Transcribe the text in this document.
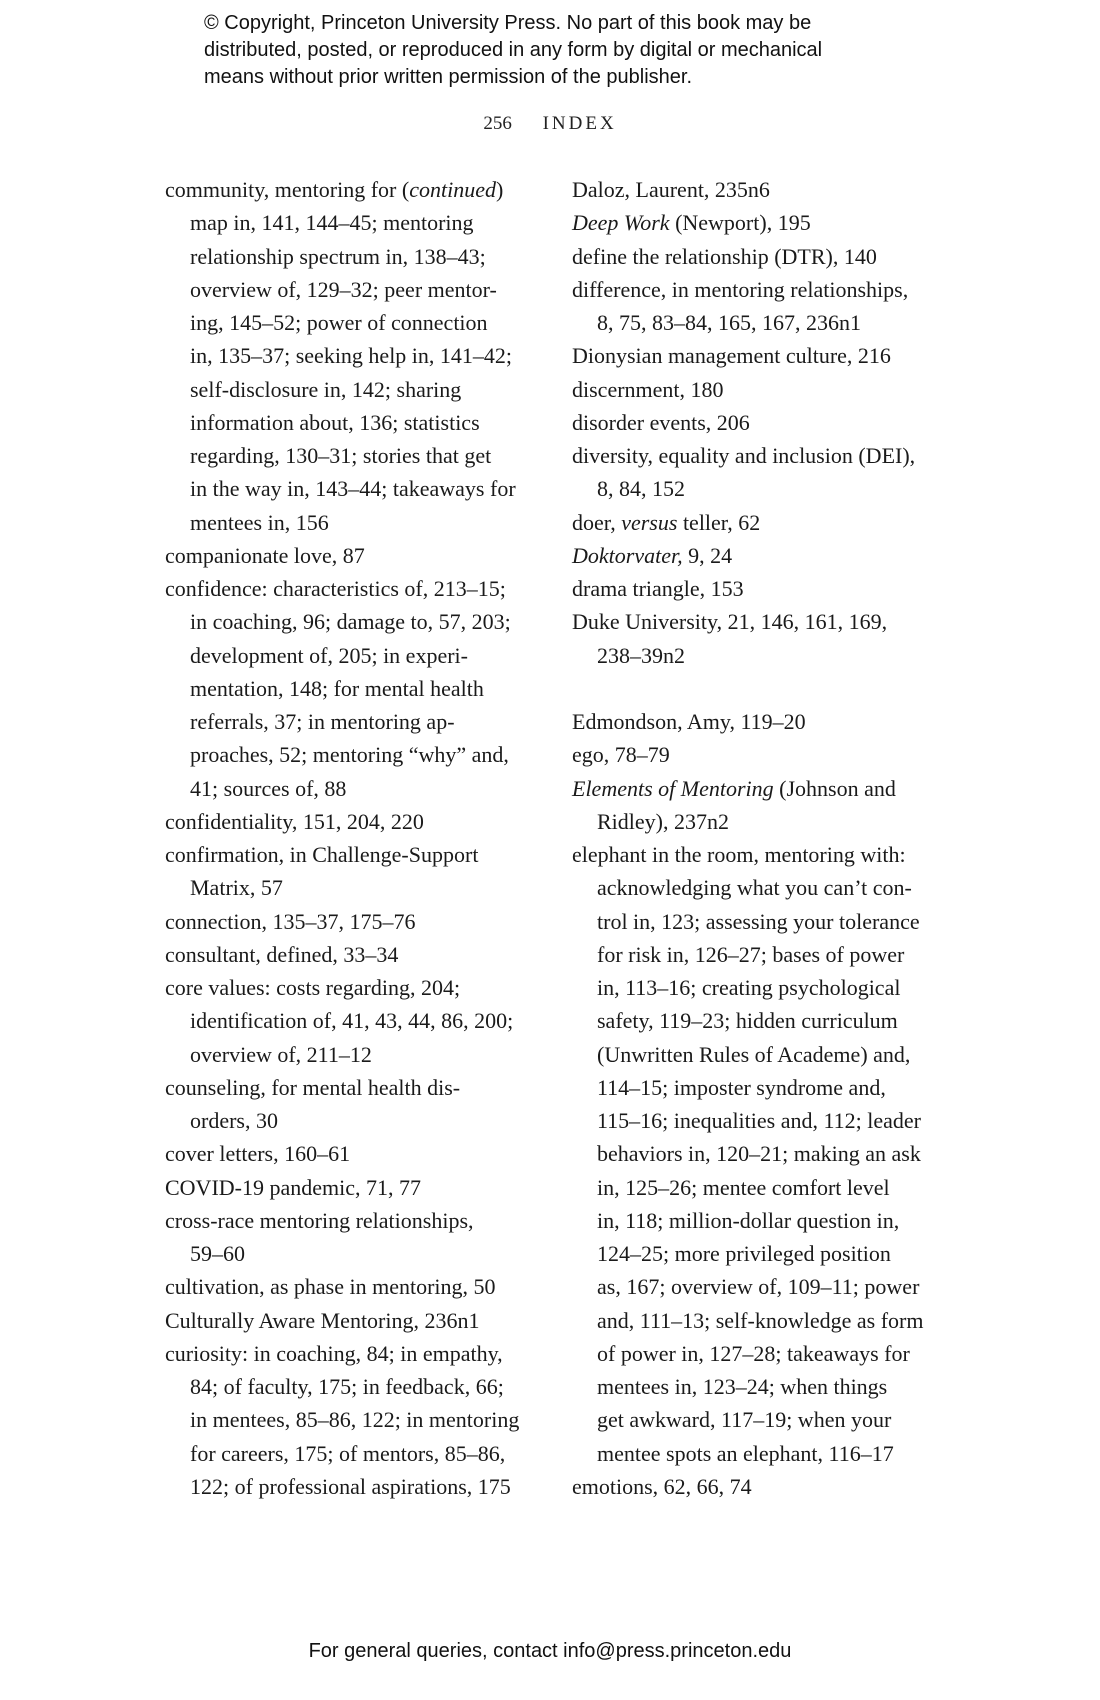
© Copyright, Princeton University Press. No part of this book may be
distributed, posted, or reproduced in any form by digital or mechanical
means without prior written permission of the publisher.
256 INDEX
community, mentoring for (continued)
map in, 141, 144–45; mentoring
relationship spectrum in, 138–43;
overview of, 129–32; peer mentor-
ing, 145–52; power of connection
in, 135–37; seeking help in, 141–42;
self-disclosure in, 142; sharing
information about, 136; statistics
regarding, 130–31; stories that get
in the way in, 143–44; takeaways for
mentees in, 156
companionate love, 87
confidence: characteristics of, 213–15;
in coaching, 96; damage to, 57, 203;
development of, 205; in experi-
mentation, 148; for mental health
referrals, 37; in mentoring ap-
proaches, 52; mentoring “why” and,
41; sources of, 88
confidentiality, 151, 204, 220
confirmation, in Challenge-Support
Matrix, 57
connection, 135–37, 175–76
consultant, defined, 33–34
core values: costs regarding, 204;
identification of, 41, 43, 44, 86, 200;
overview of, 211–12
counseling, for mental health dis-
orders, 30
cover letters, 160–61
COVID-19 pandemic, 71, 77
cross-race mentoring relationships,
59–60
cultivation, as phase in mentoring, 50
Culturally Aware Mentoring, 236n1
curiosity: in coaching, 84; in empathy,
84; of faculty, 175; in feedback, 66;
in mentees, 85–86, 122; in mentoring
for careers, 175; of mentors, 85–86,
122; of professional aspirations, 175
Daloz, Laurent, 235n6
Deep Work (Newport), 195
define the relationship (DTR), 140
difference, in mentoring relationships,
8, 75, 83–84, 165, 167, 236n1
Dionysian management culture, 216
discernment, 180
disorder events, 206
diversity, equality and inclusion (DEI),
8, 84, 152
doer, versus teller, 62
Doktorvater, 9, 24
drama triangle, 153
Duke University, 21, 146, 161, 169,
238–39n2
Edmondson, Amy, 119–20
ego, 78–79
Elements of Mentoring (Johnson and
Ridley), 237n2
elephant in the room, mentoring with:
acknowledging what you can’t con-
trol in, 123; assessing your tolerance
for risk in, 126–27; bases of power
in, 113–16; creating psychological
safety, 119–23; hidden curriculum
(Unwritten Rules of Academe) and,
114–15; imposter syndrome and,
115–16; inequalities and, 112; leader
behaviors in, 120–21; making an ask
in, 125–26; mentee comfort level
in, 118; million-dollar question in,
124–25; more privileged position
as, 167; overview of, 109–11; power
and, 111–13; self-knowledge as form
of power in, 127–28; takeaways for
mentees in, 123–24; when things
get awkward, 117–19; when your
mentee spots an elephant, 116–17
emotions, 62, 66, 74
For general queries, contact info@press.princeton.edu
